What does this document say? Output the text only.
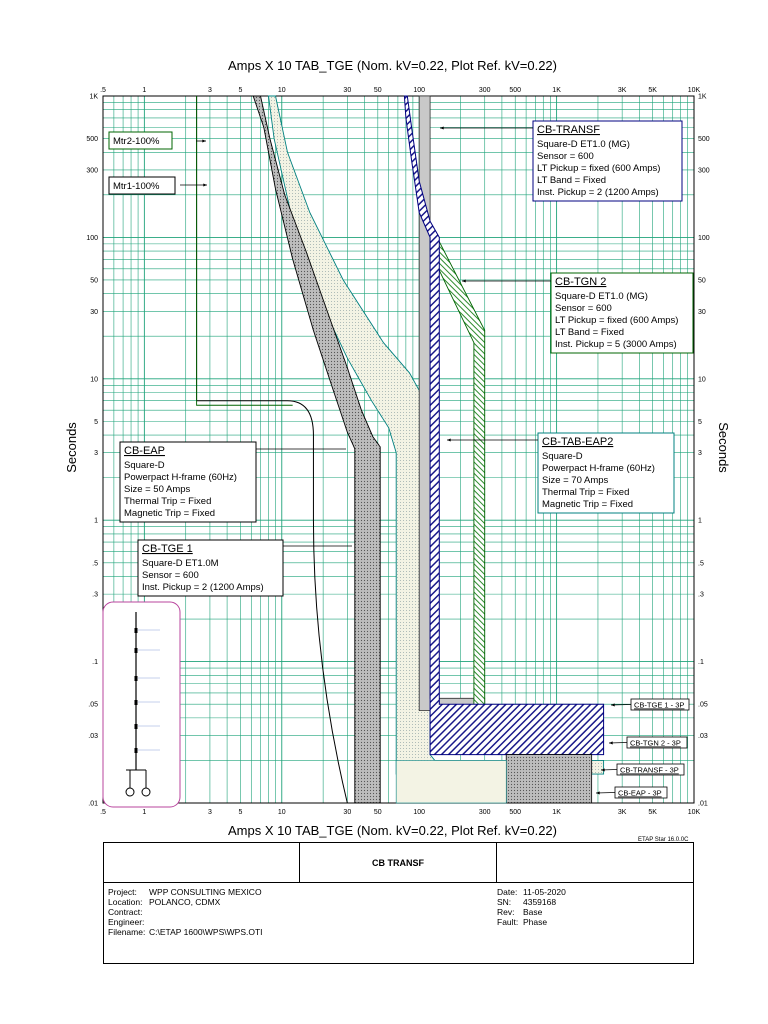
Amps X 10 TAB_TGE (Nom. kV=0.22, Plot Ref. kV=0.22)
Seconds	Seconds
.5
.5
1
1
3
3
5
5
10
10
30
30
50
50
100
100
300
300
500
500
1K
1K
3K
3K
5K
5K
10K
10K
1K	1K
500	500
300	300
100	100
50	50
30	30
10	10
5	5
3	3
1	1
.5	.5
.3	.3
.1	.1
.05	.05
.03	.03
.01	.01
CB-TRANSF
Square-D ET1.0 (MG)
Sensor = 600
LT Pickup = fixed (600 Amps)
LT Band = Fixed
Inst. Pickup = 2 (1200 Amps)
CB-TGN 2
Square-D ET1.0 (MG)
Sensor = 600
LT Pickup = fixed (600 Amps)
LT Band = Fixed
Inst. Pickup = 5 (3000 Amps)
CB-TAB-EAP2
Square-D
Powerpact H-frame (60Hz)
Size = 70 Amps
Thermal Trip = Fixed
Magnetic Trip = Fixed
CB-EAP
Square-D
Powerpact H-frame (60Hz)
Size = 50 Amps
Thermal Trip = Fixed
Magnetic Trip = Fixed
CB-TGE 1
Square-D ET1.0M
Sensor = 600
Inst. Pickup = 2 (1200 Amps)
Mtr2-100%
Mtr1-100%
CB-TGE 1 - 3P
CB-TGN 2 - 3P
CB-TRANSF - 3P
CB-EAP - 3P
Amps X 10 TAB_TGE (Nom. kV=0.22, Plot Ref. kV=0.22)
ETAP Star 16.0.0C
CB TRANSF
Project: WPP CONSULTING MEXICO
Location: POLANCO, CDMX
Contract:
Engineer:
Filename: C:\ETAP 1600\WPS\WPS.OTI
Date: 11-05-2020
SN: 4359168
Rev: Base
Fault: Phase
